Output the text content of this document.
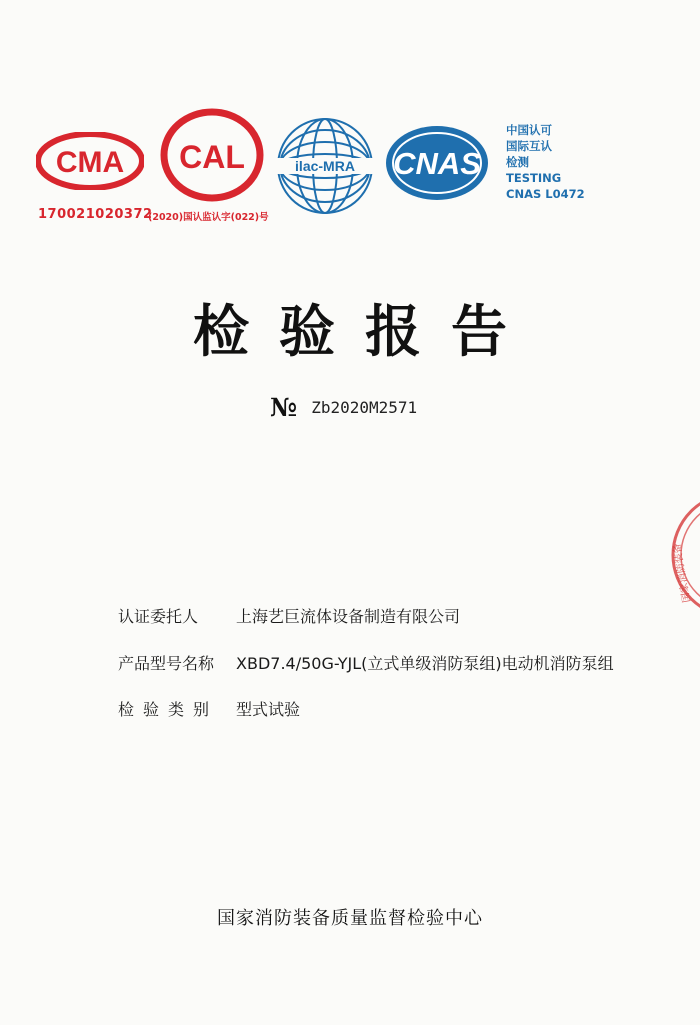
CMA
170021020372
CAL
(2020)国认监认字(022)号
ilac-MRA CNAS
中国认可
国际互认
检测
TESTING
CNAS L0472
检验报告
№ Zb2020M2571
国家消防装备
认证委托人 上海艺巨流体设备制造有限公司
产品型号名称 XBD7.4/50G-YJL(立式单级消防泵组)电动机消防泵组
检验类别 型式试验
国家消防装备质量监督检验中心
